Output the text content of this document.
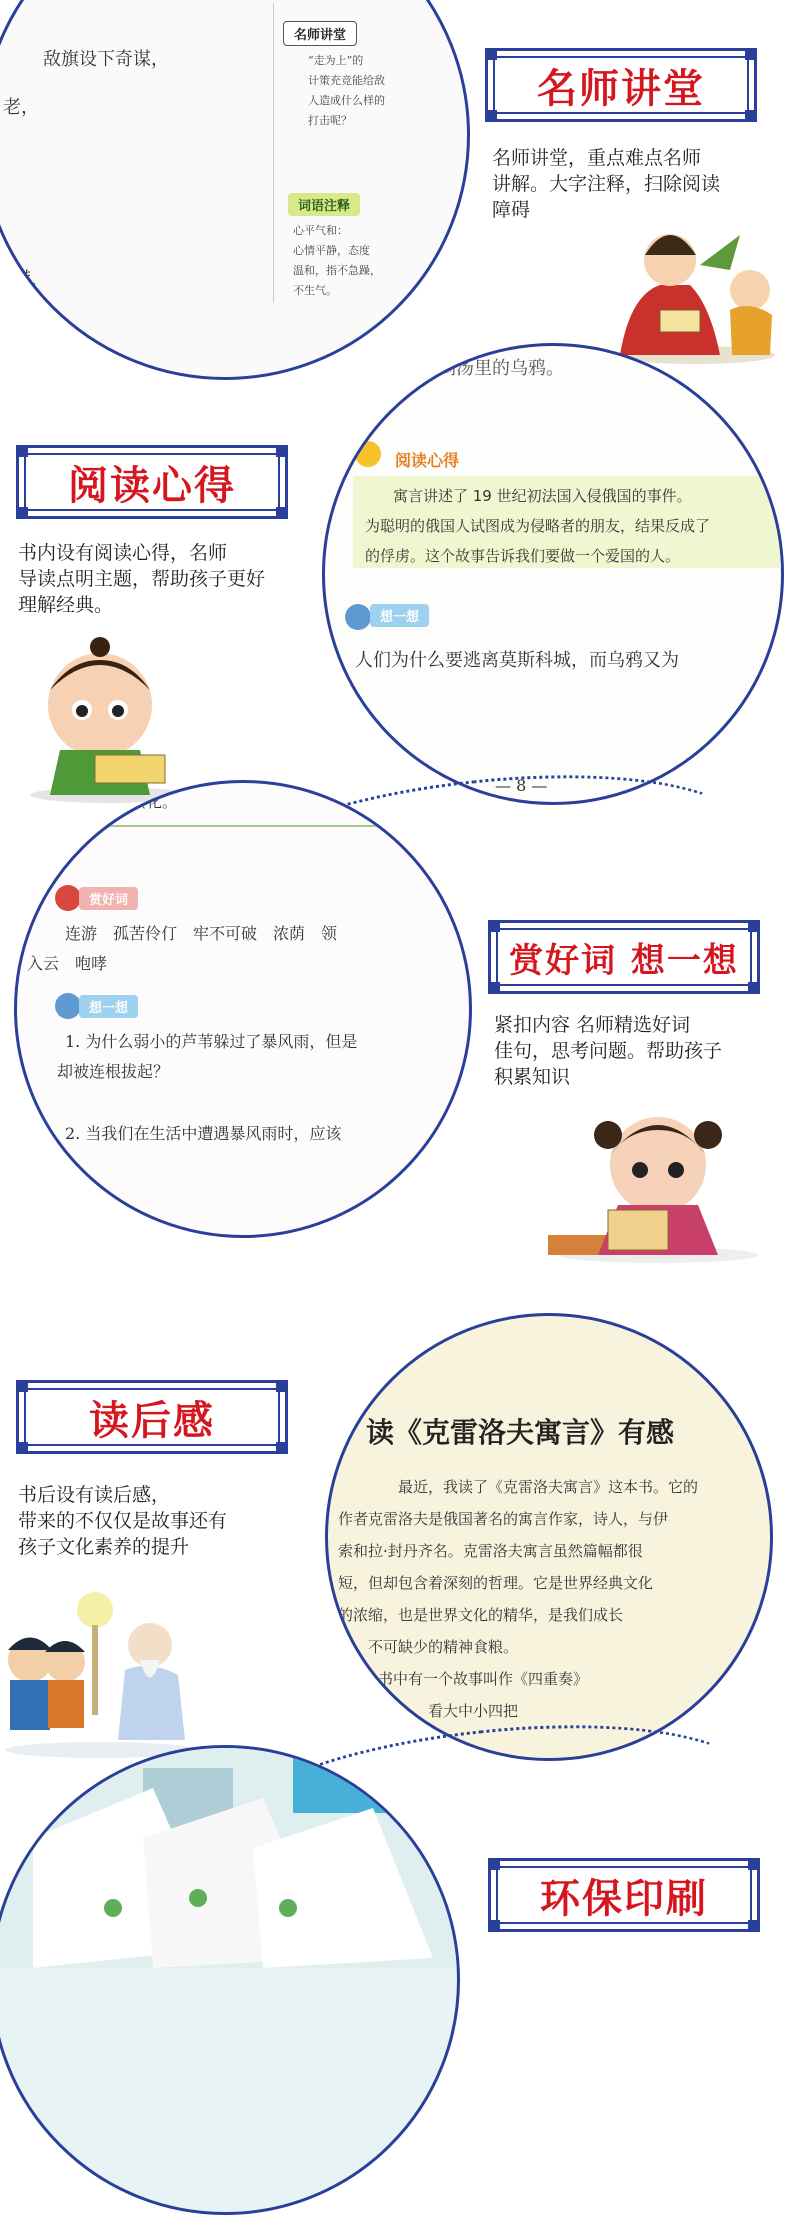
敌旗设下奇谋，
老，
慌，
名师讲堂
“走为上”的
计策充竞能给敌
人造成什么样的
打击呢？
词语注释
心平气和：
心情平静，态度
温和，指不急躁，
不生气。
名师讲堂
名师讲堂，重点难点名师
讲解。大字注释，扫除阅读
障碍
搬到汤里的乌鸦。
阅读心得
寓言讲述了 19 世纪初法国入侵俄国的事件。
为聪明的俄国人试图成为侵略者的朋友，结果反成了
的俘虏。这个故事告诉我们要做一个爱国的人。
想一想
人们为什么要逃离莫斯科城，而乌鸦又为
— 8 —
阅读心得
书内设有阅读心得，名师
导读点明主题，帮助孩子更好
理解经典。
相转化。
赏好词
连游　孤苦伶仃　牢不可破　浓荫　领
入云　咆哮
想一想
1. 为什么弱小的芦苇躲过了暴风雨，但是
却被连根拔起？
2. 当我们在生活中遭遇暴风雨时，应该
赏好词 想一想
紧扣内容 名师精选好词
佳句，思考问题。帮助孩子
积累知识
读《克雷洛夫寓言》有感
最近，我读了《克雷洛夫寓言》这本书。它的
作者克雷洛夫是俄国著名的寓言作家，诗人，与伊
索和拉·封丹齐名。克雷洛夫寓言虽然篇幅都很
短，但却包含着深刻的哲理。它是世界经典文化
的浓缩，也是世界文化的精华，是我们成长
不可缺少的精神食粮。
书中有一个故事叫作《四重奏》
看大中小四把
读后感
书后设有读后感，
带来的不仅仅是故事还有
孩子文化素养的提升
环保印刷
